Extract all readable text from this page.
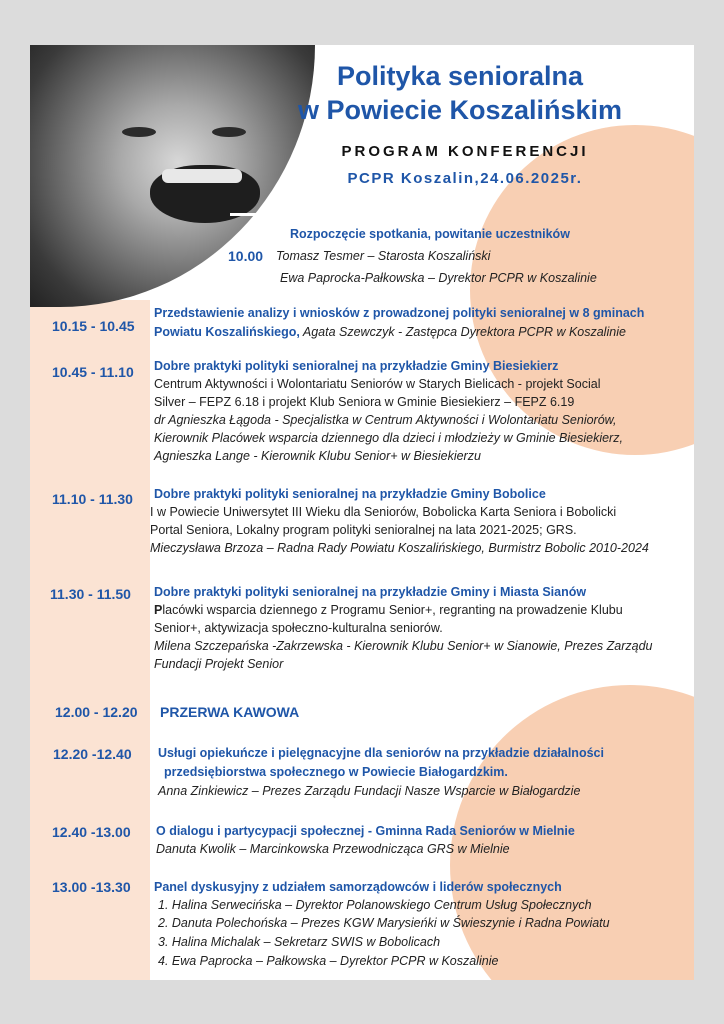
Polityka senioralna
w Powiecie Koszalińskim
PROGRAM KONFERENCJI
PCPR Koszalin,24.06.2025r.
Rozpoczęcie spotkania, powitanie uczestników
10.00 Tomasz Tesmer – Starosta Koszaliński
Ewa Paprocka-Pałkowska – Dyrektor PCPR w Koszalinie
Przedstawienie analizy i wniosków z prowadzonej polityki senioralnej w 8 gminach
10.15 - 10.45 Powiatu Koszalińskiego, Agata Szewczyk - Zastępca Dyrektora PCPR w Koszalinie
Dobre praktyki polityki senioralnej na przykładzie Gminy Biesiekierz
10.45 - 11.10
Centrum Aktywności i Wolontariatu Seniorów w Starych Bielicach - projekt Social
Silver – FEPZ 6.18 i projekt Klub Seniora w Gminie Biesiekierz – FEPZ 6.19
dr Agnieszka Łągoda - Specjalistka w Centrum Aktywności i Wolontariatu Seniorów,
Kierownik Placówek wsparcia dziennego dla dzieci i młodzieży w Gminie Biesiekierz,
Agnieszka Lange - Kierownik Klubu Senior+ w Biesiekierzu
Dobre praktyki polityki senioralnej na przykładzie Gminy Bobolice
11.10 - 11.30
I w Powiecie Uniwersytet III Wieku dla Seniorów, Bobolicka Karta Seniora i Bobolicki
Portal Seniora, Lokalny program polityki senioralnej na lata 2021-2025; GRS.
Mieczysława Brzoza – Radna Rady Powiatu Koszalińskiego, Burmistrz Bobolic 2010-2024
Dobre praktyki polityki senioralnej na przykładzie Gminy i Miasta Sianów
11.30 - 11.50
Placówki wsparcia dziennego z Programu Senior+, regranting na prowadzenie Klubu
Senior+, aktywizacja społeczno-kulturalna seniorów.
Milena Szczepańska -Zakrzewska - Kierownik Klubu Senior+ w Sianowie, Prezes Zarządu
Fundacji Projekt Senior
12.00 - 12.20 PRZERWA KAWOWA
12.20 -12.40 Usługi opiekuńcze i pielęgnacyjne dla seniorów na przykładzie działalności
przedsiębiorstwa społecznego w Powiecie Białogardzkim.
Anna Zinkiewicz – Prezes Zarządu Fundacji Nasze Wsparcie w Białogardzie
12.40 -13.00 O dialogu i partycypacji społecznej - Gminna Rada Seniorów w Mielnie
Danuta Kwolik – Marcinkowska Przewodnicząca GRS w Mielnie
13.00 -13.30 Panel dyskusyjny z udziałem samorządowców i liderów społecznych
1. Halina Serwecińska – Dyrektor Polanowskiego Centrum Usług Społecznych
2. Danuta Polechońska – Prezes KGW Marysieńki w Świeszynie i Radna Powiatu
3. Halina Michalak – Sekretarz SWIS w Bobolicach
4. Ewa Paprocka – Pałkowska – Dyrektor PCPR w Koszalinie
